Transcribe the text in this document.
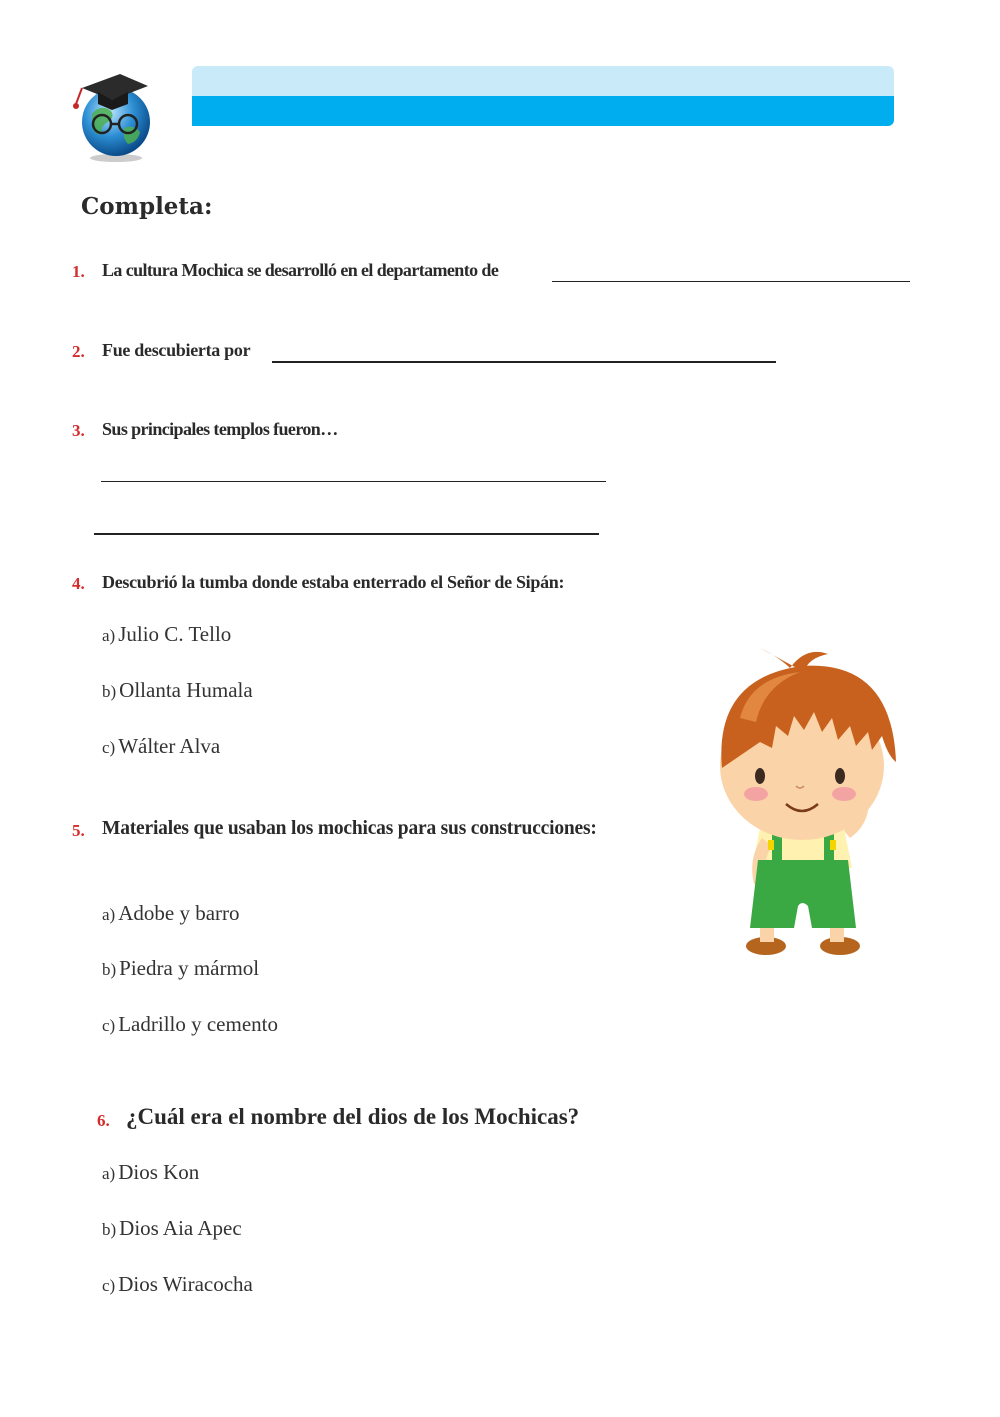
Completa:
1. La cultura Mochica se desarrolló en el departamento de
2. Fue descubierta por
3. Sus principales templos fueron…
4. Descubrió la tumba donde estaba enterrado el Señor de Sipán:
a) Julio C. Tello
b) Ollanta Humala
c) Wálter Alva
5. Materiales que usaban los mochicas para sus construcciones:
a) Adobe y barro
b) Piedra y mármol
c) Ladrillo y cemento
6. ¿Cuál era el nombre del dios de los Mochicas?
a) Dios Kon
b) Dios Aia Apec
c) Dios Wiracocha
